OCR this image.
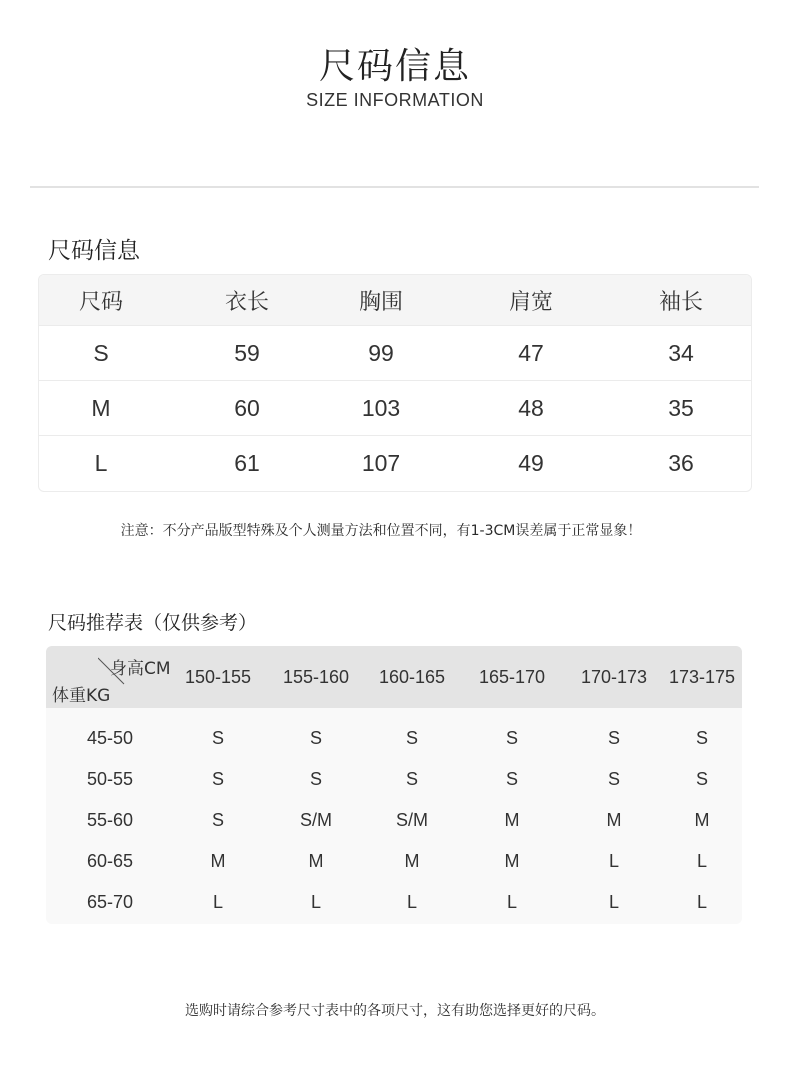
尺码信息
SIZE INFORMATION
尺码信息
尺码	衣长	胸围	肩宽	袖长
S	59	99	47	34
M	60	103	48	35
L	61	107	49	36
注意：不分产品版型特殊及个人测量方法和位置不同，有1-3CM误差属于正常显象！
尺码推荐表（仅供参考）
身高CM
体重KG
150-155	155-160	160-165	165-170	170-173	173-175
45-50	S	S	S	S	S	S
50-55	S	S	S	S	S	S
55-60	S	S/M	S/M	M	M	M
60-65	M	M	M	M	L	L
65-70	L	L	L	L	L	L
选购时请综合参考尺寸表中的各项尺寸，这有助您选择更好的尺码。
